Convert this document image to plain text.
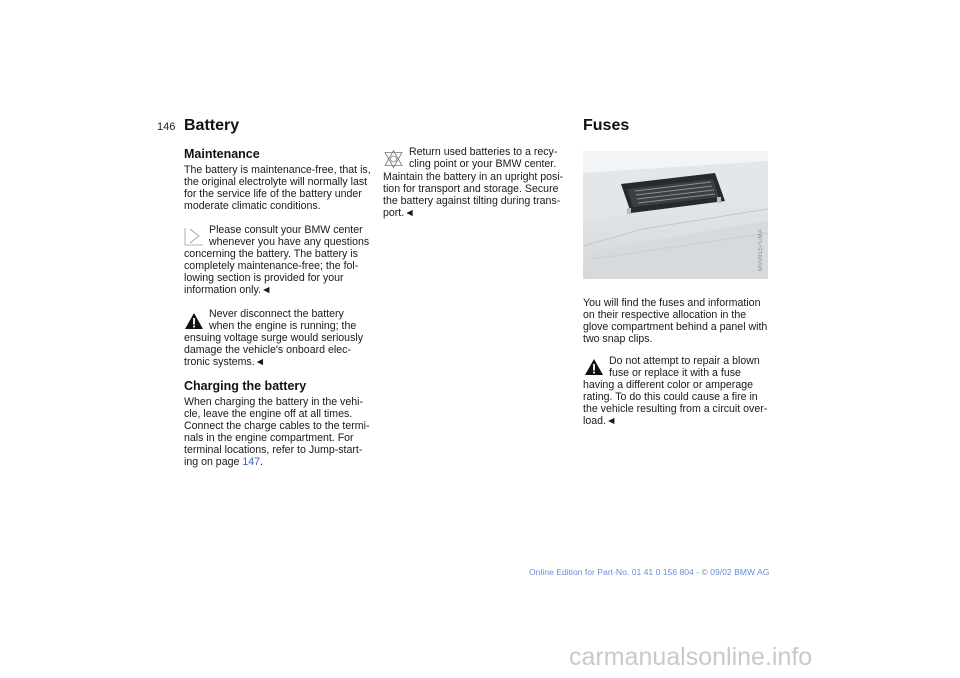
146 Battery
Maintenance
The battery is maintenance-free, that is,
the original electrolyte will normally last
for the service life of the battery under
moderate climatic conditions.
Please consult your BMW center
whenever you have any questions
concerning the battery. The battery is
completely maintenance-free; the fol-
lowing section is provided for your
information only.◄
Never disconnect the battery
when the engine is running; the
ensuing voltage surge would seriously
damage the vehicle's onboard elec-
tronic systems.◄
Charging the battery
When charging the battery in the vehi-
cle, leave the engine off at all times.
Connect the charge cables to the termi-
nals in the engine compartment. For
terminal locations, refer to Jump-start-
ing on page 147.
Return used batteries to a recy-
cling point or your BMW center.
Maintain the battery in an upright posi-
tion for transport and storage. Secure
the battery against tilting during trans-
port.◄
Fuses
MV09157CMA
You will find the fuses and information
on their respective allocation in the
glove compartment behind a panel with
two snap clips.
Do not attempt to repair a blown
fuse or replace it with a fuse
having a different color or amperage
rating. To do this could cause a fire in
the vehicle resulting from a circuit over-
load.◄
Online Edition for Part-No. 01 41 0 156 804 - © 09/02 BMW AG
carmanualsonline.info
